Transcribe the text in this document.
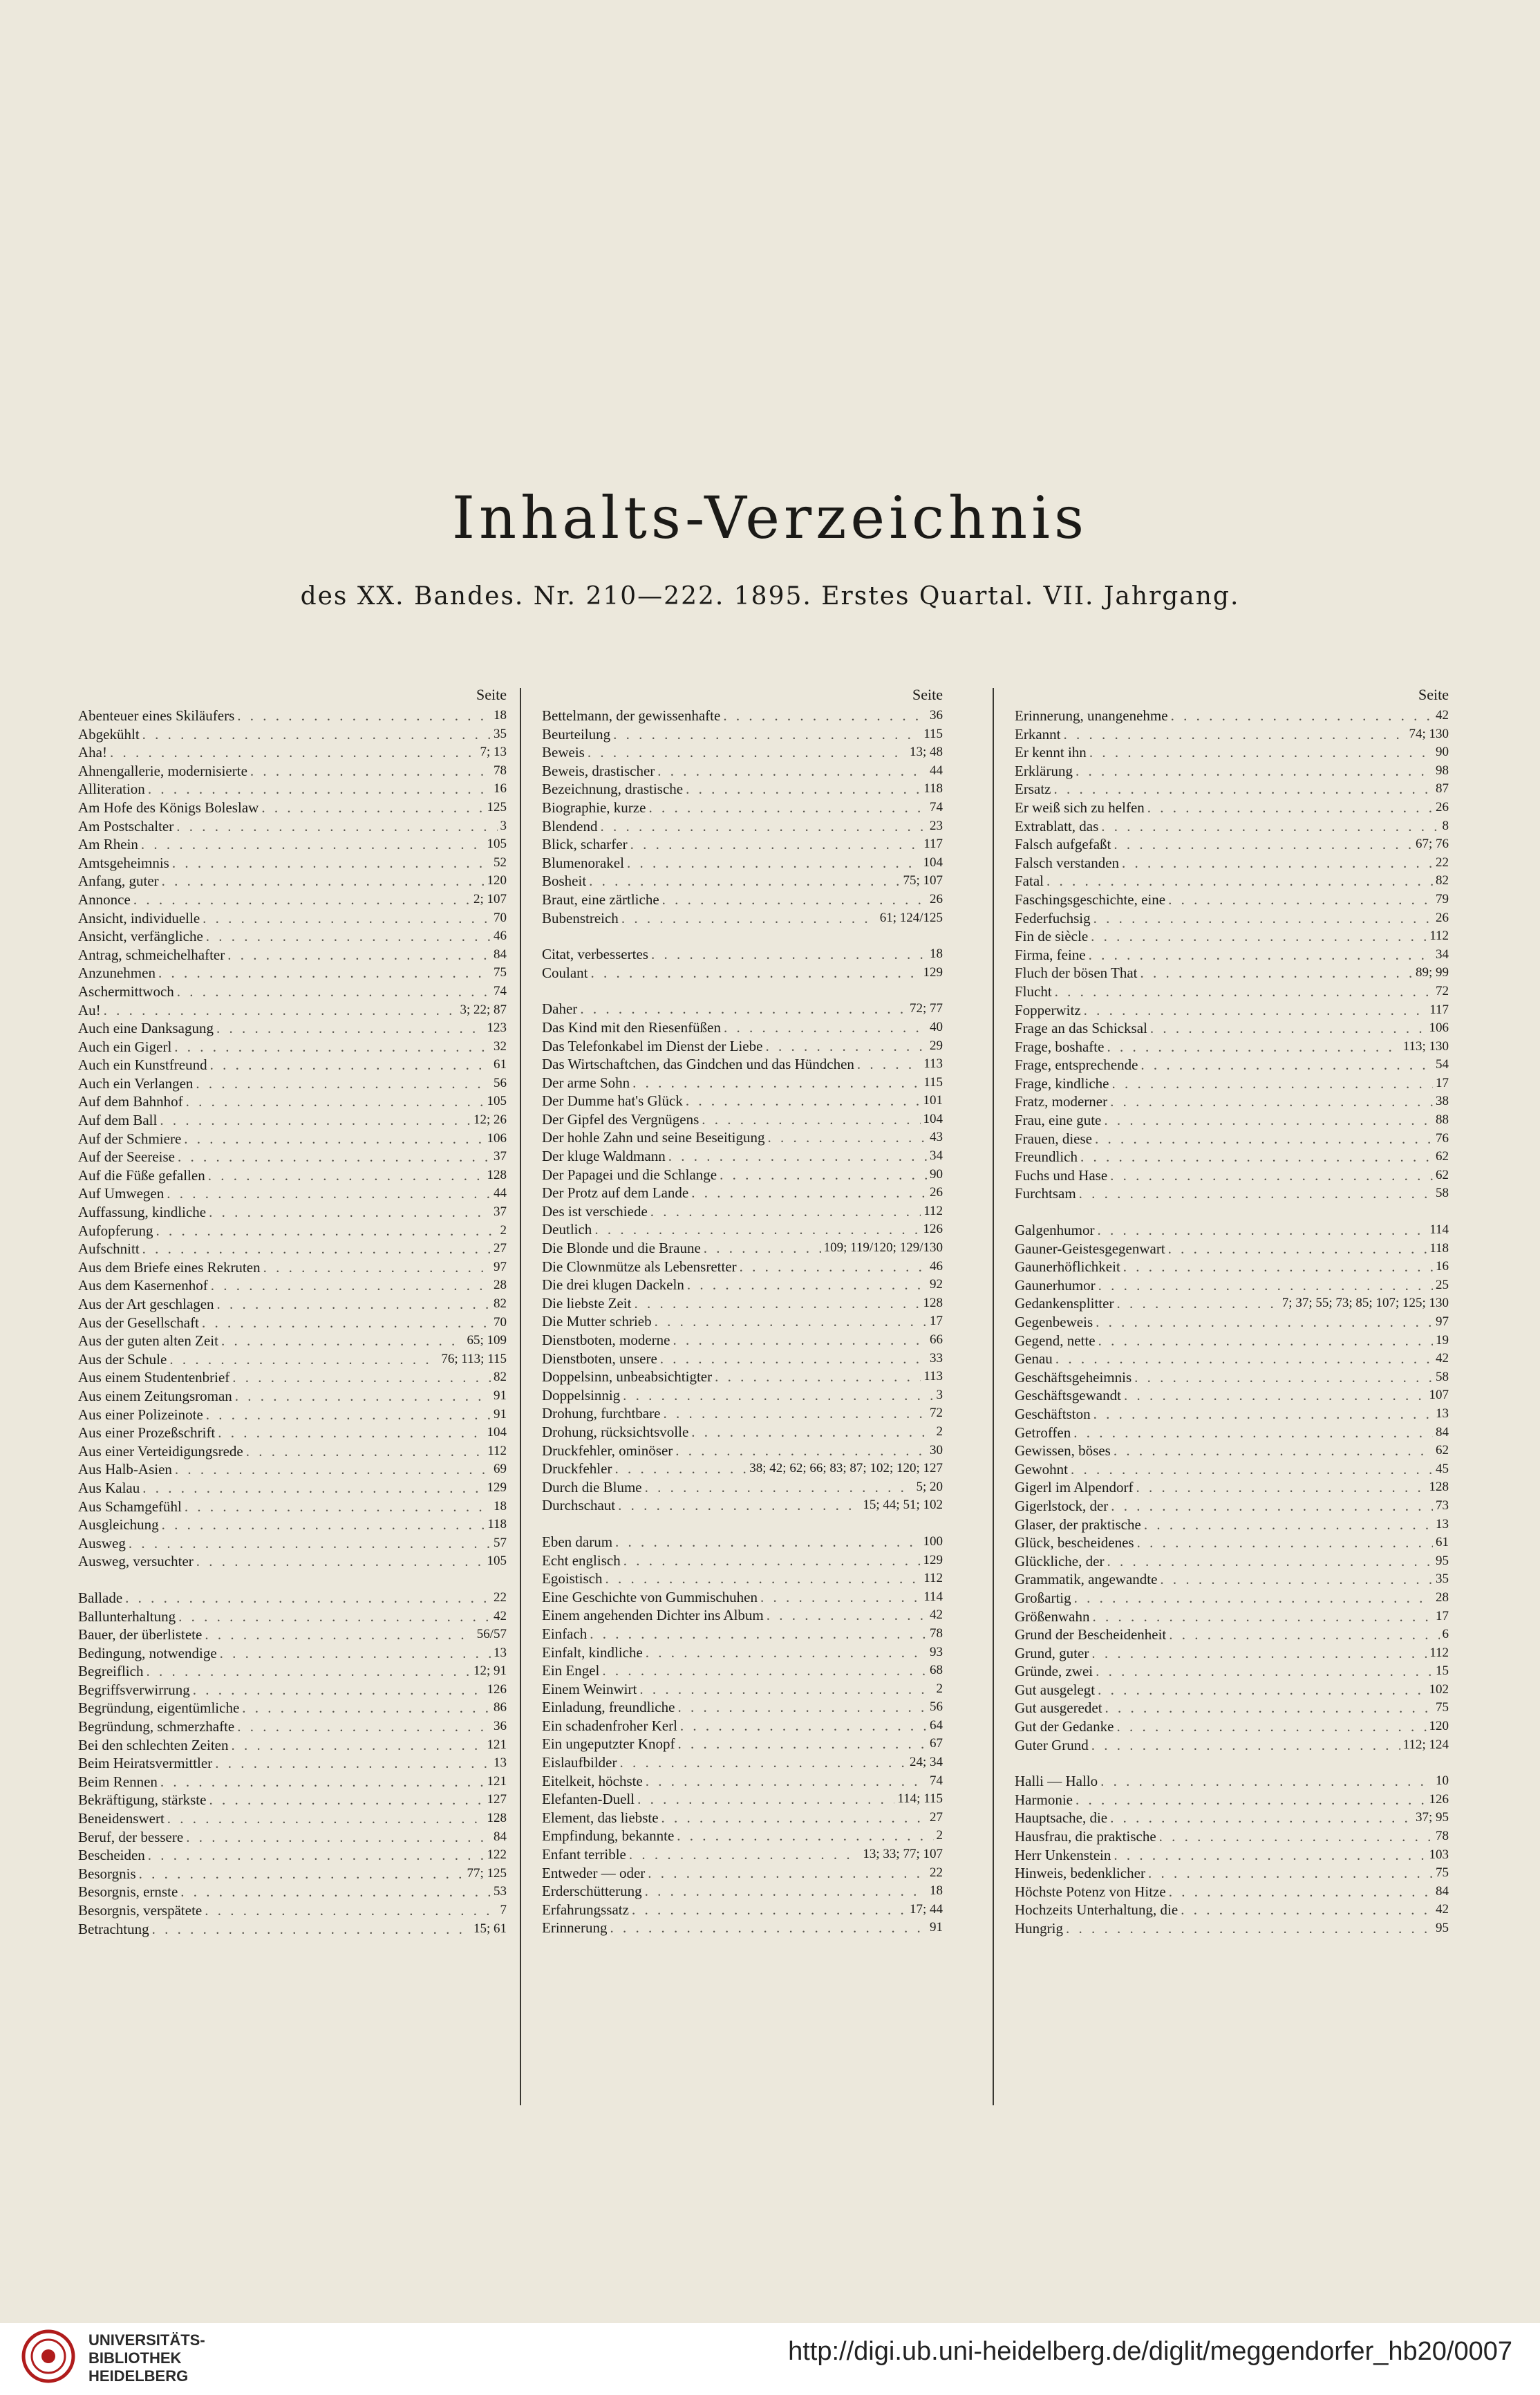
Inhalts-Verzeichnis
des XX. Bandes. Nr. 210—222. 1895. Erstes Quartal. VII. Jahrgang.
Seite
Abenteuer eines Skiläufers . . .	18
Abgekühlt . . .	35
Aha! . . .	7; 13
Ahnengallerie, modernisierte . . .	78
Alliteration . . .	16
Am Hofe des Königs Boleslaw . . .	125
Am Postschalter . . .	3
Am Rhein . . .	105
Amtsgeheimnis . . .	52
Anfang, guter . . .	120
Annonce . . .	2; 107
Ansicht, individuelle . . .	70
Ansicht, verfängliche . . .	46
Antrag, schmeichelhafter . . .	84
Anzunehmen . . .	75
Aschermittwoch . . .	74
Au! . . .	3; 22; 87
Auch eine Danksagung . . .	123
Auch ein Gigerl . . .	32
Auch ein Kunstfreund . . .	61
Auch ein Verlangen . . .	56
Auf dem Bahnhof . . .	105
Auf dem Ball . . .	12; 26
Auf der Schmiere . . .	106
Auf der Seereise . . .	37
Auf die Füße gefallen . . .	128
Auf Umwegen . . .	44
Auffassung, kindliche . . .	37
Aufopferung . . .	2
Aufschnitt . . .	27
Aus dem Briefe eines Rekruten . . .	97
Aus dem Kasernenhof . . .	28
Aus der Art geschlagen . . .	82
Aus der Gesellschaft . . .	70
Aus der guten alten Zeit . . .	65; 109
Aus der Schule . . .	76; 113; 115
Aus einem Studentenbrief . . .	82
Aus einem Zeitungsroman . . .	91
Aus einer Polizeinote . . .	91
Aus einer Prozeßschrift . . .	104
Aus einer Verteidigungsrede . . .	112
Aus Halb-Asien . . .	69
Aus Kalau . . .	129
Aus Schamgefühl . . .	18
Ausgleichung . . .	118
Ausweg . . .	57
Ausweg, versuchter . . .	105
Ballade . . .	22
Ballunterhaltung . . .	42
Bauer, der überlistete . . .	56/57
Bedingung, notwendige . . .	13
Begreiflich . . .	12; 91
Begriffsverwirrung . . .	126
Begründung, eigentümliche . . .	86
Begründung, schmerzhafte . . .	36
Bei den schlechten Zeiten . . .	121
Beim Heiratsvermittler . . .	13
Beim Rennen . . .	121
Bekräftigung, stärkste . . .	127
Beneidenswert . . .	128
Beruf, der bessere . . .	84
Bescheiden . . .	122
Besorgnis . . .	77; 125
Besorgnis, ernste . . .	53
Besorgnis, verspätete . . .	7
Betrachtung . . .	15; 61
Seite
Bettelmann, der gewissenhafte . . .	36
Beurteilung . . .	115
Beweis . . .	13; 48
Beweis, drastischer . . .	44
Bezeichnung, drastische . . .	118
Biographie, kurze . . .	74
Blendend . . .	23
Blick, scharfer . . .	117
Blumenorakel . . .	104
Bosheit . . .	75; 107
Braut, eine zärtliche . . .	26
Bubenstreich . . .	61; 124/125
Citat, verbessertes . . .	18
Coulant . . .	129
Daher . . .	72; 77
Das Kind mit den Riesenfüßen . . .	40
Das Telefonkabel im Dienst der Liebe . . .	29
Das Wirtschaftchen, das Gindchen und das Hündchen . . .	113
Der arme Sohn . . .	115
Der Dumme hat's Glück . . .	101
Der Gipfel des Vergnügens . . .	104
Der hohle Zahn und seine Beseitigung . . .	43
Der kluge Waldmann . . .	34
Der Papagei und die Schlange . . .	90
Der Protz auf dem Lande . . .	26
Des ist verschiede . . .	112
Deutlich . . .	126
Die Blonde und die Braune . . .	109; 119/120; 129/130
Die Clownmütze als Lebensretter . . .	46
Die drei klugen Dackeln . . .	92
Die liebste Zeit . . .	128
Die Mutter schrieb . . .	17
Dienstboten, moderne . . .	66
Dienstboten, unsere . . .	33
Doppelsinn, unbeabsichtigter . . .	113
Doppelsinnig . . .	3
Drohung, furchtbare . . .	72
Drohung, rücksichtsvolle . . .	2
Druckfehler, ominöser . . .	30
Druckfehler . . .	38; 42; 62; 66; 83; 87; 102; 120; 127
Durch die Blume . . .	5; 20
Durchschaut . . .	15; 44; 51; 102
Eben darum . . .	100
Echt englisch . . .	129
Egoistisch . . .	112
Eine Geschichte von Gummischuhen . . .	114
Einem angehenden Dichter ins Album . . .	42
Einfach . . .	78
Einfalt, kindliche . . .	93
Ein Engel . . .	68
Einem Weinwirt . . .	2
Einladung, freundliche . . .	56
Ein schadenfroher Kerl . . .	64
Ein ungeputzter Knopf . . .	67
Eislaufbilder . . .	24; 34
Eitelkeit, höchste . . .	74
Elefanten-Duell . . .	114; 115
Element, das liebste . . .	27
Empfindung, bekannte . . .	2
Enfant terrible . . .	13; 33; 77; 107
Entweder — oder . . .	22
Erderschütterung . . .	18
Erfahrungssatz . . .	17; 44
Erinnerung . . .	91
Seite
Erinnerung, unangenehme . . .	42
Erkannt . . .	74; 130
Er kennt ihn . . .	90
Erklärung . . .	98
Ersatz . . .	87
Er weiß sich zu helfen . . .	26
Extrablatt, das . . .	8
Falsch aufgefaßt . . .	67; 76
Falsch verstanden . . .	22
Fatal . . .	82
Faschingsgeschichte, eine . . .	79
Federfuchsig . . .	26
Fin de siècle . . .	112
Firma, feine . . .	34
Fluch der bösen That . . .	89; 99
Flucht . . .	72
Fopperwitz . . .	117
Frage an das Schicksal . . .	106
Frage, boshafte . . .	113; 130
Frage, entsprechende . . .	54
Frage, kindliche . . .	17
Fratz, moderner . . .	38
Frau, eine gute . . .	88
Frauen, diese . . .	76
Freundlich . . .	62
Fuchs und Hase . . .	62
Furchtsam . . .	58
Galgenhumor . . .	114
Gauner-Geistesgegenwart . . .	118
Gaunerhöflichkeit . . .	16
Gaunerhumor . . .	25
Gedankensplitter . . .	7; 37; 55; 73; 85; 107; 125; 130
Gegenbeweis . . .	97
Gegend, nette . . .	19
Genau . . .	42
Geschäftsgeheimnis . . .	58
Geschäftsgewandt . . .	107
Geschäftston . . .	13
Getroffen . . .	84
Gewissen, böses . . .	62
Gewohnt . . .	45
Gigerl im Alpendorf . . .	128
Gigerlstock, der . . .	73
Glaser, der praktische . . .	13
Glück, bescheidenes . . .	61
Glückliche, der . . .	95
Grammatik, angewandte . . .	35
Großartig . . .	28
Größenwahn . . .	17
Grund der Bescheidenheit . . .	6
Grund, guter . . .	112
Gründe, zwei . . .	15
Gut ausgelegt . . .	102
Gut ausgeredet . . .	75
Gut der Gedanke . . .	120
Guter Grund . . .	112; 124
Halli — Hallo . . .	10
Harmonie . . .	126
Hauptsache, die . . .	37; 95
Hausfrau, die praktische . . .	78
Herr Unkenstein . . .	103
Hinweis, bedenklicher . . .	75
Höchste Potenz von Hitze . . .	84
Hochzeits Unterhaltung, die . . .	42
Hungrig . . .	95
UNIVERSITÄTS-
BIBLIOTHEK
HEIDELBERG
http://digi.ub.uni-heidelberg.de/diglit/meggendorfer_hb20/0007
